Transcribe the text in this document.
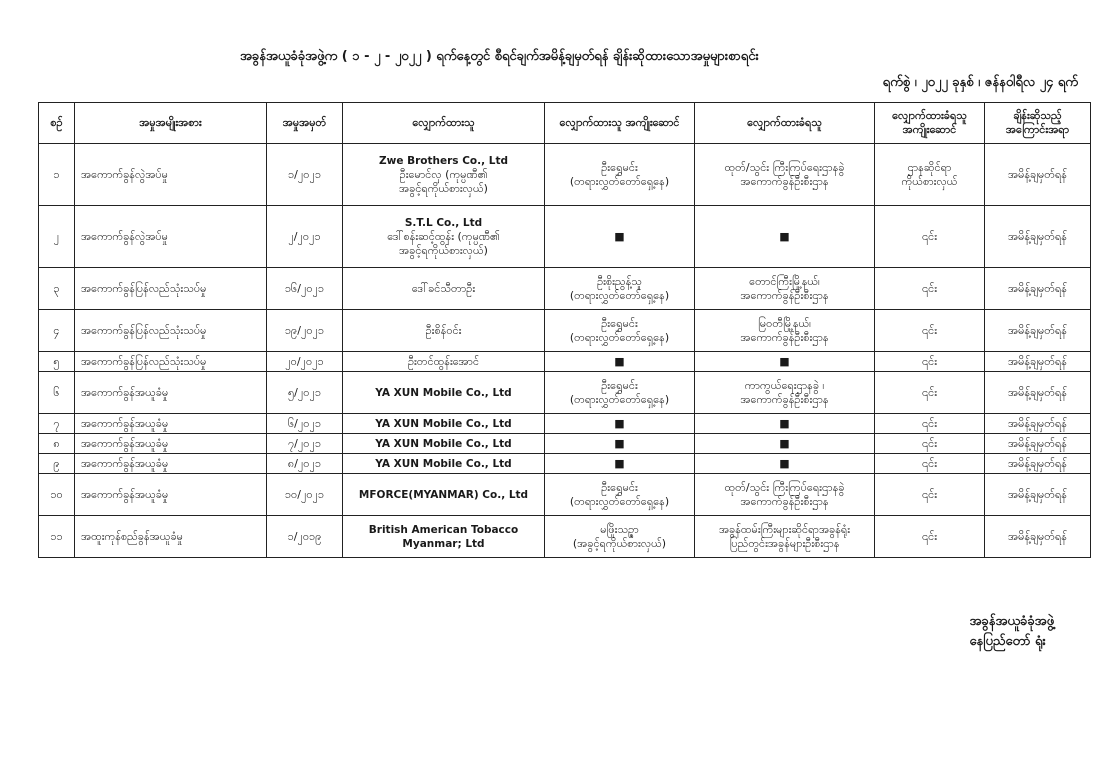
အခွန်အယူခံခုံအဖွဲ့က ( ၁ - ၂ - ၂၀၂၂ ) ရက်နေ့တွင် စီရင်ချက်အမိန့်ချမှတ်ရန် ချိန်းဆိုထားသောအမှုများစာရင်း
ရက်စွဲ ၊ ၂၀၂၂ ခုနှစ် ၊ ဇန်နဝါရီလ ၂၄ ရက်
စဉ်	အမှုအမျိုးအစား	အမှုအမှတ်	လျှောက်ထားသူ	လျှောက်ထားသူ အကျိုးဆောင်	လျှောက်ထားခံရသူ	လျှောက်ထားခံရသူ အကျိုးဆောင်	ချိန်းဆိုသည့် အကြောင်းအရာ
၁	အကောက်ခွန်လွဲအပ်မှု	၁/၂၀၂၁	Zwe Brothers Co., Ltd
ဦးမောင်လှ (ကုမ္ပဏီ၏
အခွင့်ရကိုယ်စားလှယ်)	ဦးရွှေမင်း
(တရားလွှတ်တော်ရှေ့နေ)	ထုတ်/သွင်း ကြီးကြပ်ရေးဌာနခွဲ
အကောက်ခွန်ဦးစီးဌာန	ဌာနဆိုင်ရာ
ကိုယ်စားလှယ်	အမိန့်ချမှတ်ရန်
၂	အကောက်ခွန်လွဲအပ်မှု	၂/၂၀၂၁	S.T.L Co., Ltd
ဒေါ်စန်းဆင့်ထွန်း (ကုမ္ပဏီ၏
အခွင့်ရကိုယ်စားလှယ်)	■	■	၎င်း	အမိန့်ချမှတ်ရန်
၃	အကောက်ခွန်ပြန်လည်သုံးသပ်မှု	၁၆/၂၀၂၁	ဒေါ်ခင်သီတာဦး	ဦးစိုးညွန့်သူ
(တရားလွှတ်တော်ရှေ့နေ)	တောင်ကြီးမြို့နယ်၊
အကောက်ခွန်ဦးစီးဌာန	၎င်း	အမိန့်ချမှတ်ရန်
၄	အကောက်ခွန်ပြန်လည်သုံးသပ်မှု	၁၉/၂၀၂၁	ဦးစိန်ဝင်း	ဦးရွှေမင်း
(တရားလွှတ်တော်ရှေ့နေ)	မြဝတီမြို့နယ်၊
အကောက်ခွန်ဦးစီးဌာန	၎င်း	အမိန့်ချမှတ်ရန်
၅	အကောက်ခွန်ပြန်လည်သုံးသပ်မှု	၂၀/၂၀၂၁	ဦးတင်ထွန်းအောင်	■	■	၎င်း	အမိန့်ချမှတ်ရန်
၆	အကောက်ခွန်အယူခံမှု	၅/၂၀၂၁	YA XUN Mobile Co., Ltd	ဦးရွှေမင်း
(တရားလွှတ်တော်ရှေ့နေ)	ကာကွယ်ရေးဌာနခွဲ ၊
အကောက်ခွန်ဦးစီးဌာန	၎င်း	အမိန့်ချမှတ်ရန်
၇	အကောက်ခွန်အယူခံမှု	၆/၂၀၂၁	YA XUN Mobile Co., Ltd	■	■	၎င်း	အမိန့်ချမှတ်ရန်
၈	အကောက်ခွန်အယူခံမှု	၇/၂၀၂၁	YA XUN Mobile Co., Ltd	■	■	၎င်း	အမိန့်ချမှတ်ရန်
၉	အကောက်ခွန်အယူခံမှု	၈/၂၀၂၁	YA XUN Mobile Co., Ltd	■	■	၎င်း	အမိန့်ချမှတ်ရန်
၁၀	အကောက်ခွန်အယူခံမှု	၁၀/၂၀၂၁	MFORCE(MYANMAR) Co., Ltd	ဦးရွှေမင်း
(တရားလွှတ်တော်ရှေ့နေ)	ထုတ်/သွင်း ကြီးကြပ်ရေးဌာနခွဲ
အကောက်ခွန်ဦးစီးဌာန	၎င်း	အမိန့်ချမှတ်ရန်
၁၁	အထူးကုန်စည်ခွန်အယူခံမှု	၁/၂၀၁၉	British American Tobacco
Myanmar; Ltd	မဖြိုးသဉ္ဇာ
(အခွင့်ရကိုယ်စားလှယ်)	အခွန်ထမ်းကြီးများဆိုင်ရာအခွန်ရုံး
ပြည်တွင်းအခွန်များဦးစီးဌာန	၎င်း	အမိန့်ချမှတ်ရန်
အခွန်အယူခံခုံအဖွဲ့
နေပြည်တော် ရုံး
